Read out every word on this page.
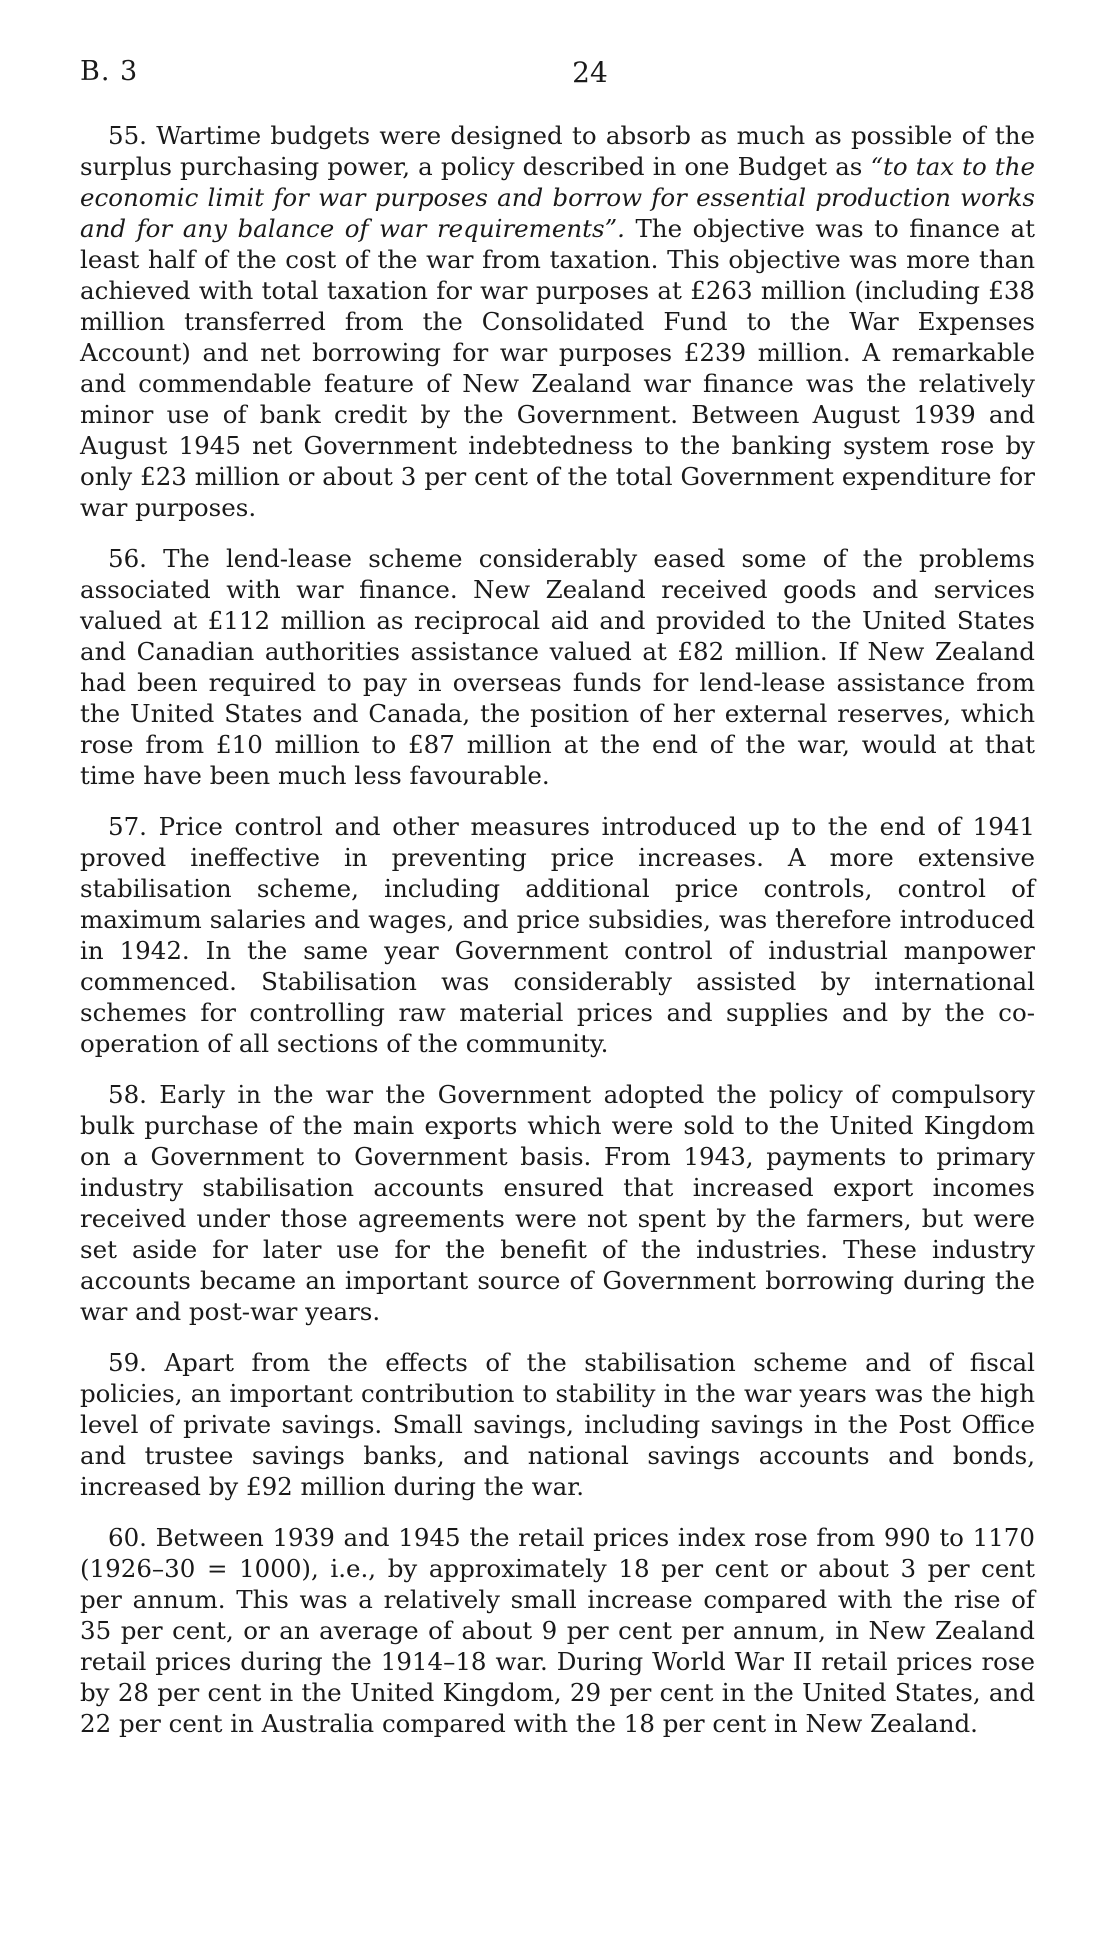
B. 3	24

55. Wartime budgets were designed to absorb as much as possible of the surplus purchasing power, a policy described in one Budget as “to tax to the economic limit for war purposes and borrow for essential production works and for any balance of war requirements”. The objective was to finance at least half of the cost of the war from taxation. This objective was more than achieved with total taxation for war purposes at £263 million (including £38 million transferred from the Consolidated Fund to the War Expenses Account) and net borrowing for war purposes £239 million. A remarkable and commendable feature of New Zealand war finance was the relatively minor use of bank credit by the Government. Between August 1939 and August 1945 net Government indebtedness to the banking system rose by only £23 million or about 3 per cent of the total Government expenditure for war purposes.

56. The lend-lease scheme considerably eased some of the problems associated with war finance. New Zealand received goods and services valued at £112 million as reciprocal aid and provided to the United States and Canadian authorities assistance valued at £82 million. If New Zealand had been required to pay in overseas funds for lend-lease assistance from the United States and Canada, the position of her external reserves, which rose from £10 million to £87 million at the end of the war, would at that time have been much less favourable.

57. Price control and other measures introduced up to the end of 1941 proved ineffective in preventing price increases. A more extensive stabilisation scheme, including additional price controls, control of maximum salaries and wages, and price subsidies, was therefore introduced in 1942. In the same year Government control of industrial manpower commenced. Stabilisation was considerably assisted by international schemes for controlling raw material prices and supplies and by the co-operation of all sections of the community.

58. Early in the war the Government adopted the policy of compulsory bulk purchase of the main exports which were sold to the United Kingdom on a Government to Government basis. From 1943, payments to primary industry stabilisation accounts ensured that increased export incomes received under those agreements were not spent by the farmers, but were set aside for later use for the benefit of the industries. These industry accounts became an important source of Government borrowing during the war and post-war years.

59. Apart from the effects of the stabilisation scheme and of fiscal policies, an important contribution to stability in the war years was the high level of private savings. Small savings, including savings in the Post Office and trustee savings banks, and national savings accounts and bonds, increased by £92 million during the war.

60. Between 1939 and 1945 the retail prices index rose from 990 to 1170 (1926–30 = 1000), i.e., by approximately 18 per cent or about 3 per cent per annum. This was a relatively small increase compared with the rise of 35 per cent, or an average of about 9 per cent per annum, in New Zealand retail prices during the 1914–18 war. During World War II retail prices rose by 28 per cent in the United Kingdom, 29 per cent in the United States, and 22 per cent in Australia compared with the 18 per cent in New Zealand.
